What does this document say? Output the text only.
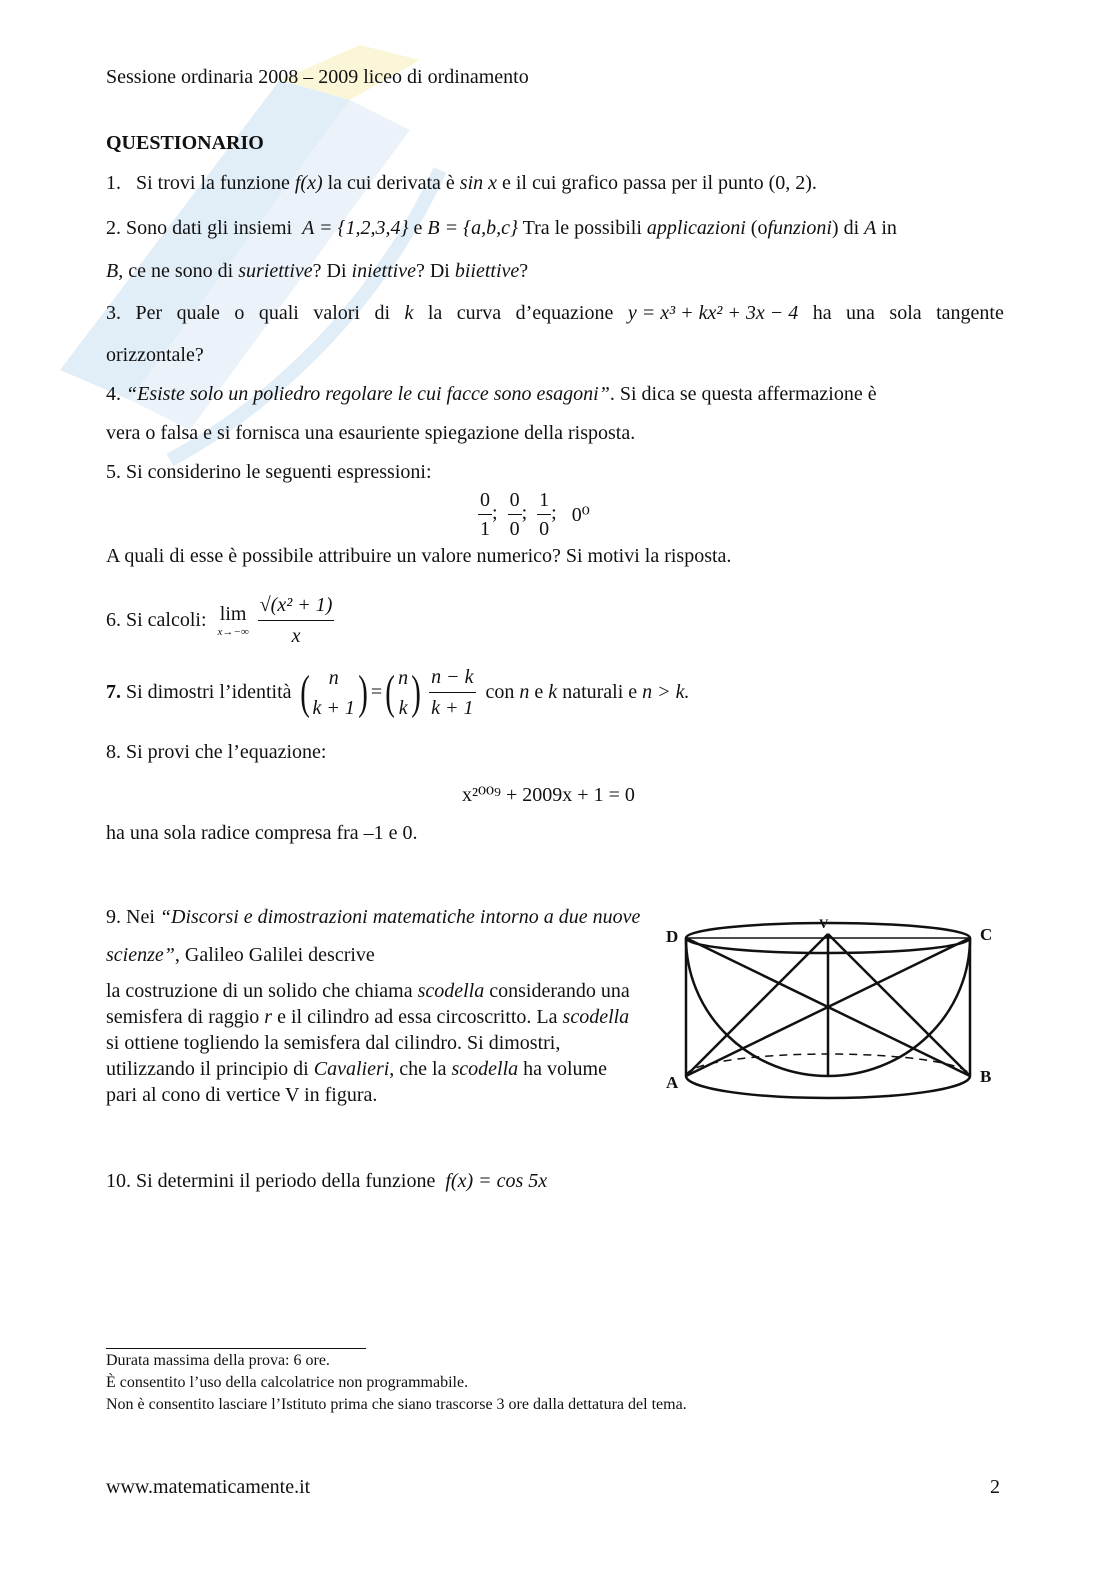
Sessione ordinaria 2008 – 2009 liceo di ordinamento
QUESTIONARIO
1. Si trovi la funzione f(x) la cui derivata è sin x e il cui grafico passa per il punto (0, 2).
2. Sono dati gli insiemi A = {1,2,3,4} e B = {a,b,c} Tra le possibili applicazioni (ofunzioni) di A in
B, ce ne sono di suriettive? Di iniettive? Di biiettive?
3. Per quale o quali valori di k la curva d’equazione y = x³ + kx² + 3x − 4 ha una sola tangente
orizzontale?
4. “Esiste solo un poliedro regolare le cui facce sono esagoni”. Si dica se questa affermazione è
vera o falsa e si fornisca una esauriente spiegazione della risposta.
5. Si considerino le seguenti espressioni:
$\frac{0}{1}$ ; $\frac{0}{0}$ ; $\frac{1}{0}$ ;   0⁰
A quali di esse è possibile attribuire un valore numerico? Si motivi la risposta.
6. Si calcoli: lim
x→−∞
$\frac{\text{√(x² + 1)}}{x}$
7. Si dimostri l’identità ( n
k + 1 ) =( n
k ) $\frac{n - k}{k + 1}$ con n e k naturali e n > k.
8. Si provi che l’equazione:
x²⁰⁰⁹ + 2009x + 1 = 0
ha una sola radice compresa fra –1 e 0.
9. Nei “Discorsi e dimostrazioni matematiche intorno a due nuove scienze”, Galileo Galilei descrive
la costruzione di un solido che chiama scodella considerando una semisfera di raggio r e il cilindro ad essa circoscritto. La scodella si ottiene togliendo la semisfera dal cilindro. Si dimostri, utilizzando il principio di Cavalieri, che la scodella ha volume pari al cono di vertice V in figura.
D	C
A	B
V
10. Si determini il periodo della funzione f(x) = cos 5x
Durata massima della prova: 6 ore.
È consentito l’uso della calcolatrice non programmabile.
Non è consentito lasciare l’Istituto prima che siano trascorse 3 ore dalla dettatura del tema.
www.matematicamente.it	2
